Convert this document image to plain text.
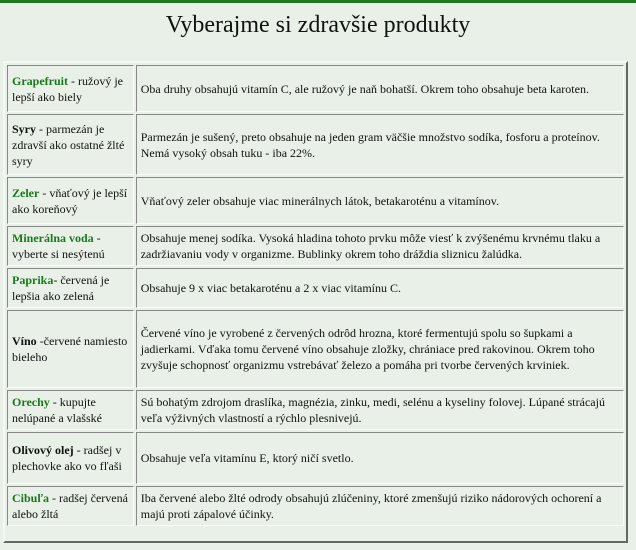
Vyberajme si zdravšie produkty
Grapefruit - ružový je lepší ako biely	Oba druhy obsahujú vitamín C, ale ružový je naň bohatší. Okrem toho obsahuje beta karoten.
Syry - parmezán je zdravší ako ostatné žlté syry	Parmezán je sušený, preto obsahuje na jeden gram väčšie množstvo sodíka, fosforu a proteínov. Nemá vysoký obsah tuku - iba 22%.
Zeler - vňaťový je lepší ako koreňový	Vňaťový zeler obsahuje viac minerálnych látok, betakaroténu a vitamínov.
Minerálna voda - vyberte si nesýtenú	Obsahuje menej sodíka. Vysoká hladina tohoto prvku môže viesť k zvýšenému krvnému tlaku a zadržiavaniu vody v organizme. Bublinky okrem toho dráždia sliznicu žalúdka.
Paprika- červená je lepšia ako zelená	Obsahuje 9 x viac betakaroténu a 2 x viac vitamínu C.
Víno -červené namiesto bieleho	Červené víno je vyrobené z červených odrôd hrozna, ktoré fermentujú spolu so šupkami a jadierkami. Vďaka tomu červené víno obsahuje zložky, chrániace pred rakovinou. Okrem toho zvyšuje schopnosť organizmu vstrebávať železo a pomáha pri tvorbe červených krviniek.
Orechy - kupujte nelúpané a vlašské	Sú bohatým zdrojom draslíka, magnézia, zinku, medi, selénu a kyseliny folovej. Lúpané strácajú veľa výživných vlastností a rýchlo plesnivejú.
Olivový olej - radšej v plechovke ako vo fľaši	Obsahuje veľa vitamínu E, ktorý ničí svetlo.
Cibuľa - radšej červená alebo žltá	Iba červené alebo žlté odrody obsahujú zlúčeniny, ktoré zmenšujú riziko nádorových ochorení a majú proti zápalové účinky.
